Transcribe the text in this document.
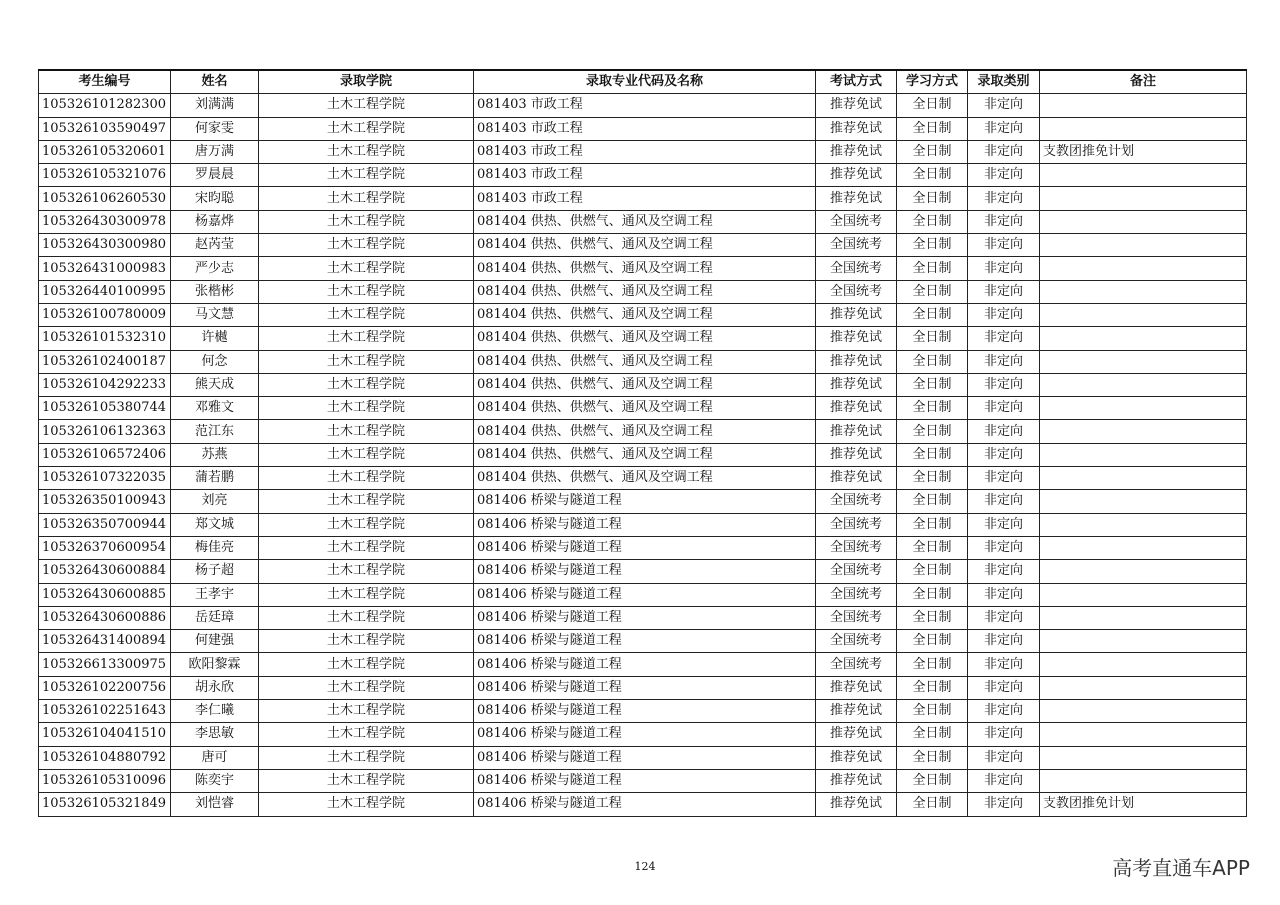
考生编号	姓名	录取学院	录取专业代码及名称	考试方式	学习方式	录取类别	备注
105326101282300	刘满满	土木工程学院	081403 市政工程	推荐免试	全日制	非定向	
105326103590497	何家雯	土木工程学院	081403 市政工程	推荐免试	全日制	非定向	
105326105320601	唐万满	土木工程学院	081403 市政工程	推荐免试	全日制	非定向	支教团推免计划
105326105321076	罗晨晨	土木工程学院	081403 市政工程	推荐免试	全日制	非定向	
105326106260530	宋昀聪	土木工程学院	081403 市政工程	推荐免试	全日制	非定向	
105326430300978	杨嘉烨	土木工程学院	081404 供热、供燃气、通风及空调工程	全国统考	全日制	非定向	
105326430300980	赵芮莹	土木工程学院	081404 供热、供燃气、通风及空调工程	全国统考	全日制	非定向	
105326431000983	严少志	土木工程学院	081404 供热、供燃气、通风及空调工程	全国统考	全日制	非定向	
105326440100995	张楷彬	土木工程学院	081404 供热、供燃气、通风及空调工程	全国统考	全日制	非定向	
105326100780009	马文慧	土木工程学院	081404 供热、供燃气、通风及空调工程	推荐免试	全日制	非定向	
105326101532310	许樾	土木工程学院	081404 供热、供燃气、通风及空调工程	推荐免试	全日制	非定向	
105326102400187	何念	土木工程学院	081404 供热、供燃气、通风及空调工程	推荐免试	全日制	非定向	
105326104292233	熊天成	土木工程学院	081404 供热、供燃气、通风及空调工程	推荐免试	全日制	非定向	
105326105380744	邓雅文	土木工程学院	081404 供热、供燃气、通风及空调工程	推荐免试	全日制	非定向	
105326106132363	范江东	土木工程学院	081404 供热、供燃气、通风及空调工程	推荐免试	全日制	非定向	
105326106572406	苏燕	土木工程学院	081404 供热、供燃气、通风及空调工程	推荐免试	全日制	非定向	
105326107322035	蒲若鹏	土木工程学院	081404 供热、供燃气、通风及空调工程	推荐免试	全日制	非定向	
105326350100943	刘亮	土木工程学院	081406 桥梁与隧道工程	全国统考	全日制	非定向	
105326350700944	郑文城	土木工程学院	081406 桥梁与隧道工程	全国统考	全日制	非定向	
105326370600954	梅佳亮	土木工程学院	081406 桥梁与隧道工程	全国统考	全日制	非定向	
105326430600884	杨子超	土木工程学院	081406 桥梁与隧道工程	全国统考	全日制	非定向	
105326430600885	王孝宇	土木工程学院	081406 桥梁与隧道工程	全国统考	全日制	非定向	
105326430600886	岳廷璋	土木工程学院	081406 桥梁与隧道工程	全国统考	全日制	非定向	
105326431400894	何建强	土木工程学院	081406 桥梁与隧道工程	全国统考	全日制	非定向	
105326613300975	欧阳黎霖	土木工程学院	081406 桥梁与隧道工程	全国统考	全日制	非定向	
105326102200756	胡永欣	土木工程学院	081406 桥梁与隧道工程	推荐免试	全日制	非定向	
105326102251643	李仁曦	土木工程学院	081406 桥梁与隧道工程	推荐免试	全日制	非定向	
105326104041510	李思敏	土木工程学院	081406 桥梁与隧道工程	推荐免试	全日制	非定向	
105326104880792	唐可	土木工程学院	081406 桥梁与隧道工程	推荐免试	全日制	非定向	
105326105310096	陈奕宇	土木工程学院	081406 桥梁与隧道工程	推荐免试	全日制	非定向	
105326105321849	刘恺睿	土木工程学院	081406 桥梁与隧道工程	推荐免试	全日制	非定向	支教团推免计划
124	高考直通车APP
